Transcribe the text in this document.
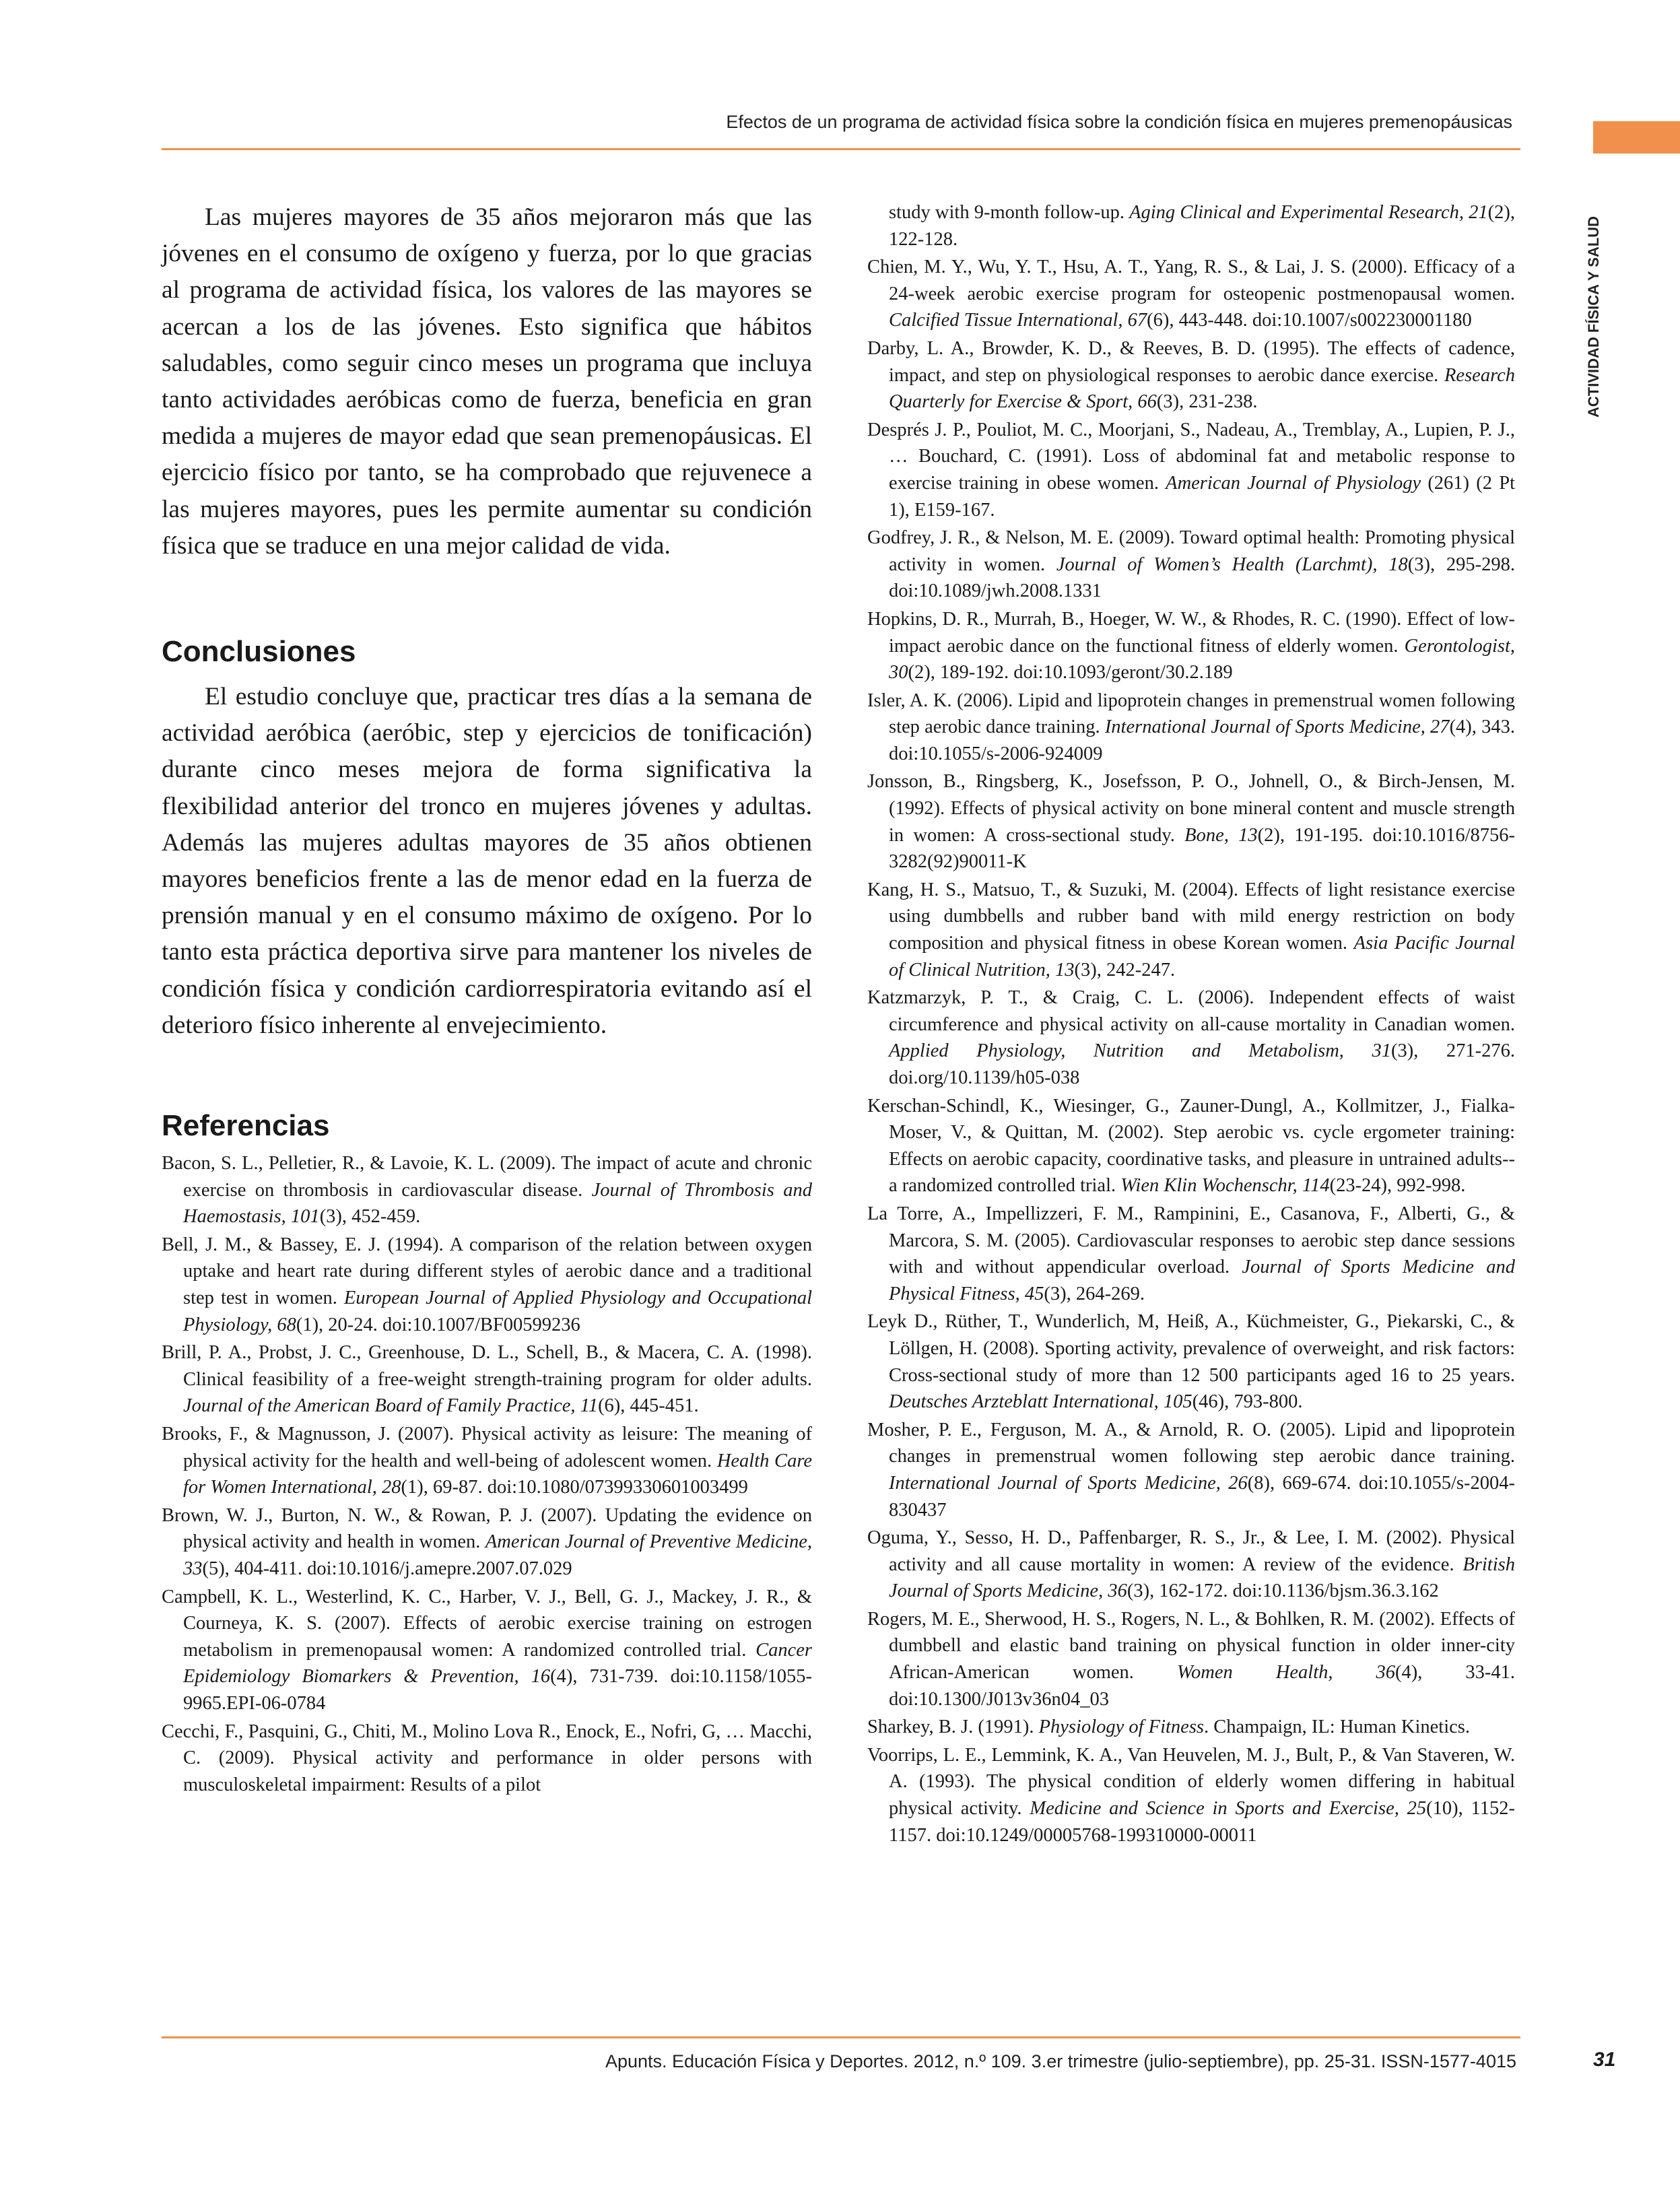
Efectos de un programa de actividad física sobre la condición física en mujeres premenopáusicas
ACTIVIDAD FÍSICA Y SALUD

Las mujeres mayores de 35 años mejoraron más que las jóvenes en el consumo de oxígeno y fuerza, por lo que gracias al programa de actividad física, los valores de las mayores se acercan a los de las jóvenes. Esto significa que hábitos saludables, como seguir cinco meses un programa que incluya tanto actividades aeróbicas como de fuerza, beneficia en gran medida a mujeres de mayor edad que sean premenopáusicas. El ejercicio físico por tanto, se ha comprobado que rejuvenece a las mujeres mayores, pues les permite aumentar su condición física que se traduce en una mejor calidad de vida.

Conclusiones

El estudio concluye que, practicar tres días a la semana de actividad aeróbica (aeróbic, step y ejercicios de tonificación) durante cinco meses mejora de forma significativa la flexibilidad anterior del tronco en mujeres jóvenes y adultas. Además las mujeres adultas mayores de 35 años obtienen mayores beneficios frente a las de menor edad en la fuerza de prensión manual y en el consumo máximo de oxígeno. Por lo tanto esta práctica deportiva sirve para mantener los niveles de condición física y condición cardiorrespiratoria evitando así el deterioro físico inherente al envejecimiento.

Referencias

Bacon, S. L., Pelletier, R., & Lavoie, K. L. (2009). The impact of acute and chronic exercise on thrombosis in cardiovascular disease. Journal of Thrombosis and Haemostasis, 101(3), 452-459.

Bell, J. M., & Bassey, E. J. (1994). A comparison of the relation between oxygen uptake and heart rate during different styles of aerobic dance and a traditional step test in women. European Journal of Applied Physiology and Occupational Physiology, 68(1), 20-24. doi:10.1007/BF00599236

Brill, P. A., Probst, J. C., Greenhouse, D. L., Schell, B., & Macera, C. A. (1998). Clinical feasibility of a free-weight strength-training program for older adults. Journal of the American Board of Family Practice, 11(6), 445-451.

Brooks, F., & Magnusson, J. (2007). Physical activity as leisure: The meaning of physical activity for the health and well-being of adolescent women. Health Care for Women International, 28(1), 69-87. doi:10.1080/07399330601003499

Brown, W. J., Burton, N. W., & Rowan, P. J. (2007). Updating the evidence on physical activity and health in women. American Journal of Preventive Medicine, 33(5), 404-411. doi:10.1016/j.amepre.2007.07.029

Campbell, K. L., Westerlind, K. C., Harber, V. J., Bell, G. J., Mackey, J. R., & Courneya, K. S. (2007). Effects of aerobic exercise training on estrogen metabolism in premenopausal women: A randomized controlled trial. Cancer Epidemiology Biomarkers & Prevention, 16(4), 731-739. doi:10.1158/1055-9965.EPI-06-0784

Cecchi, F., Pasquini, G., Chiti, M., Molino Lova R., Enock, E., Nofri, G, … Macchi, C. (2009). Physical activity and performance in older persons with musculoskeletal impairment: Results of a pilot

study with 9-month follow-up. Aging Clinical and Experimental Research, 21(2), 122-128.

Chien, M. Y., Wu, Y. T., Hsu, A. T., Yang, R. S., & Lai, J. S. (2000). Efficacy of a 24-week aerobic exercise program for osteopenic postmenopausal women. Calcified Tissue International, 67(6), 443-448. doi:10.1007/s002230001180

Darby, L. A., Browder, K. D., & Reeves, B. D. (1995). The effects of cadence, impact, and step on physiological responses to aerobic dance exercise. Research Quarterly for Exercise & Sport, 66(3), 231-238.

Després J. P., Pouliot, M. C., Moorjani, S., Nadeau, A., Tremblay, A., Lupien, P. J., … Bouchard, C. (1991). Loss of abdominal fat and metabolic response to exercise training in obese women. American Journal of Physiology (261) (2 Pt 1), E159-167.

Godfrey, J. R., & Nelson, M. E. (2009). Toward optimal health: Promoting physical activity in women. Journal of Women’s Health (Larchmt), 18(3), 295-298. doi:10.1089/jwh.2008.1331

Hopkins, D. R., Murrah, B., Hoeger, W. W., & Rhodes, R. C. (1990). Effect of low-impact aerobic dance on the functional fitness of elderly women. Gerontologist, 30(2), 189-192. doi:10.1093/geront/30.2.189

Isler, A. K. (2006). Lipid and lipoprotein changes in premenstrual women following step aerobic dance training. International Journal of Sports Medicine, 27(4), 343. doi:10.1055/s-2006-924009

Jonsson, B., Ringsberg, K., Josefsson, P. O., Johnell, O., & Birch-Jensen, M. (1992). Effects of physical activity on bone mineral content and muscle strength in women: A cross-sectional study. Bone, 13(2), 191-195. doi:10.1016/8756-3282(92)90011-K

Kang, H. S., Matsuo, T., & Suzuki, M. (2004). Effects of light resistance exercise using dumbbells and rubber band with mild energy restriction on body composition and physical fitness in obese Korean women. Asia Pacific Journal of Clinical Nutrition, 13(3), 242-247.

Katzmarzyk, P. T., & Craig, C. L. (2006). Independent effects of waist circumference and physical activity on all-cause mortality in Canadian women. Applied Physiology, Nutrition and Metabolism, 31(3), 271-276. doi.org/10.1139/h05-038

Kerschan-Schindl, K., Wiesinger, G., Zauner-Dungl, A., Kollmitzer, J., Fialka-Moser, V., & Quittan, M. (2002). Step aerobic vs. cycle ergometer training: Effects on aerobic capacity, coordinative tasks, and pleasure in untrained adults--a randomized controlled trial. Wien Klin Wochenschr, 114(23-24), 992-998.

La Torre, A., Impellizzeri, F. M., Rampinini, E., Casanova, F., Alberti, G., & Marcora, S. M. (2005). Cardiovascular responses to aerobic step dance sessions with and without appendicular overload. Journal of Sports Medicine and Physical Fitness, 45(3), 264-269.

Leyk D., Rüther, T., Wunderlich, M, Heiß, A., Küchmeister, G., Piekarski, C., & Löllgen, H. (2008). Sporting activity, prevalence of overweight, and risk factors: Cross-sectional study of more than 12 500 participants aged 16 to 25 years. Deutsches Arzteblatt International, 105(46), 793-800.

Mosher, P. E., Ferguson, M. A., & Arnold, R. O. (2005). Lipid and lipoprotein changes in premenstrual women following step aerobic dance training. International Journal of Sports Medicine, 26(8), 669-674. doi:10.1055/s-2004-830437

Oguma, Y., Sesso, H. D., Paffenbarger, R. S., Jr., & Lee, I. M. (2002). Physical activity and all cause mortality in women: A review of the evidence. British Journal of Sports Medicine, 36(3), 162-172. doi:10.1136/bjsm.36.3.162

Rogers, M. E., Sherwood, H. S., Rogers, N. L., & Bohlken, R. M. (2002). Effects of dumbbell and elastic band training on physical function in older inner-city African-American women. Women Health, 36(4), 33-41. doi:10.1300/J013v36n04_03

Sharkey, B. J. (1991). Physiology of Fitness. Champaign, IL: Human Kinetics.

Voorrips, L. E., Lemmink, K. A., Van Heuvelen, M. J., Bult, P., & Van Staveren, W. A. (1993). The physical condition of elderly women differing in habitual physical activity. Medicine and Science in Sports and Exercise, 25(10), 1152-1157. doi:10.1249/00005768-199310000-00011

Apunts. Educación Física y Deportes. 2012, n.º 109. 3.er trimestre (julio-septiembre), pp. 25-31. ISSN-1577-4015	31
